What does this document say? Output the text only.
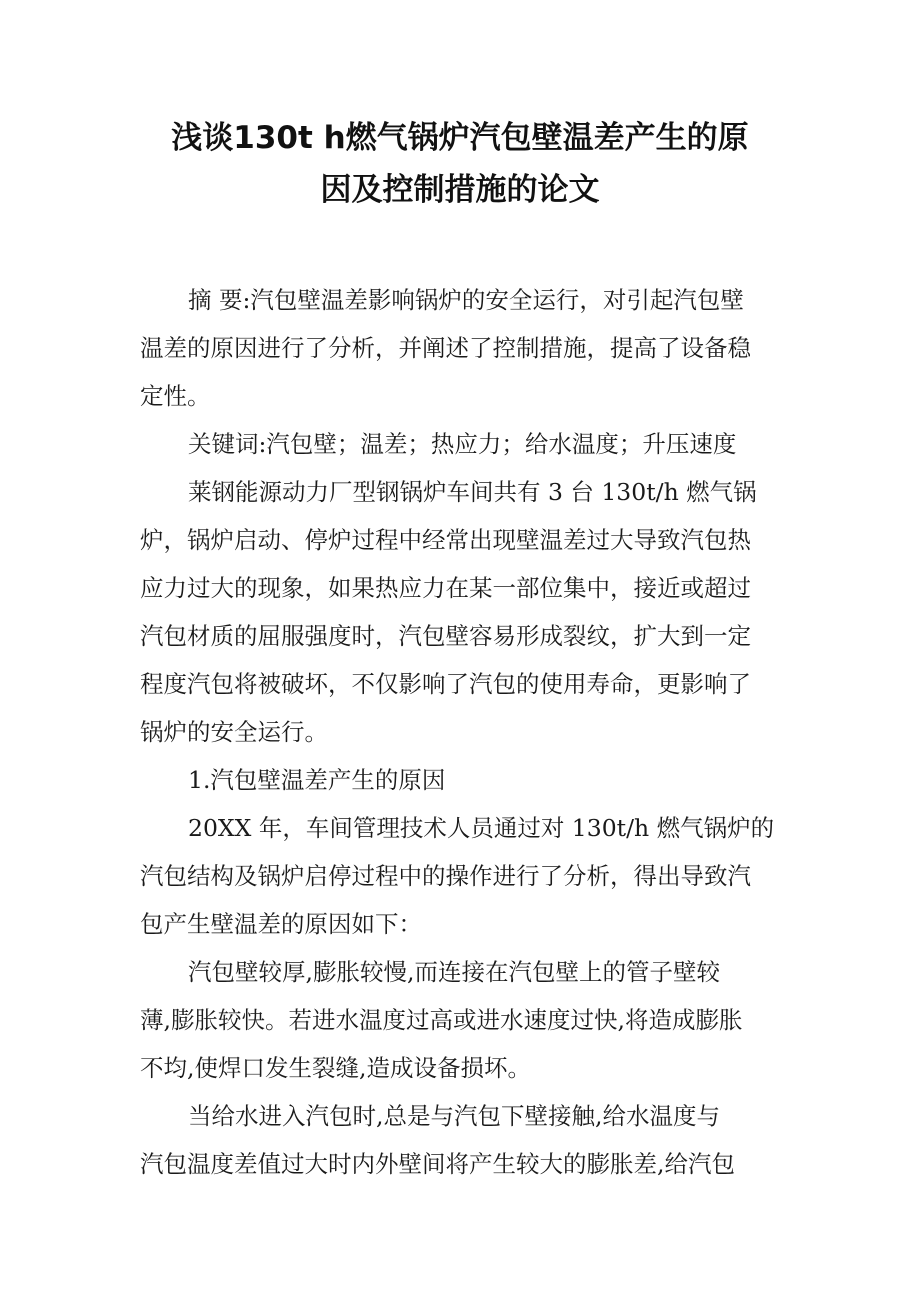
浅谈130t h燃气锅炉汽包壁温差产生的原
因及控制措施的论文
摘 要:汽包壁温差影响锅炉的安全运行，对引起汽包壁
温差的原因进行了分析，并阐述了控制措施，提高了设备稳
定性。
关键词:汽包壁；温差；热应力；给水温度；升压速度
莱钢能源动力厂型钢锅炉车间共有 3 台 130t/h 燃气锅
炉，锅炉启动、停炉过程中经常出现壁温差过大导致汽包热
应力过大的现象，如果热应力在某一部位集中，接近或超过
汽包材质的屈服强度时，汽包壁容易形成裂纹，扩大到一定
程度汽包将被破坏，不仅影响了汽包的使用寿命，更影响了
锅炉的安全运行。
1.汽包壁温差产生的原因
20XX 年，车间管理技术人员通过对 130t/h 燃气锅炉的
汽包结构及锅炉启停过程中的操作进行了分析，得出导致汽
包产生壁温差的原因如下：
汽包壁较厚,膨胀较慢,而连接在汽包壁上的管子壁较
薄,膨胀较快。若进水温度过高或进水速度过快,将造成膨胀
不均,使焊口发生裂缝,造成设备损坏。
当给水进入汽包时,总是与汽包下壁接触,给水温度与
汽包温度差值过大时内外壁间将产生较大的膨胀差,给汽包
